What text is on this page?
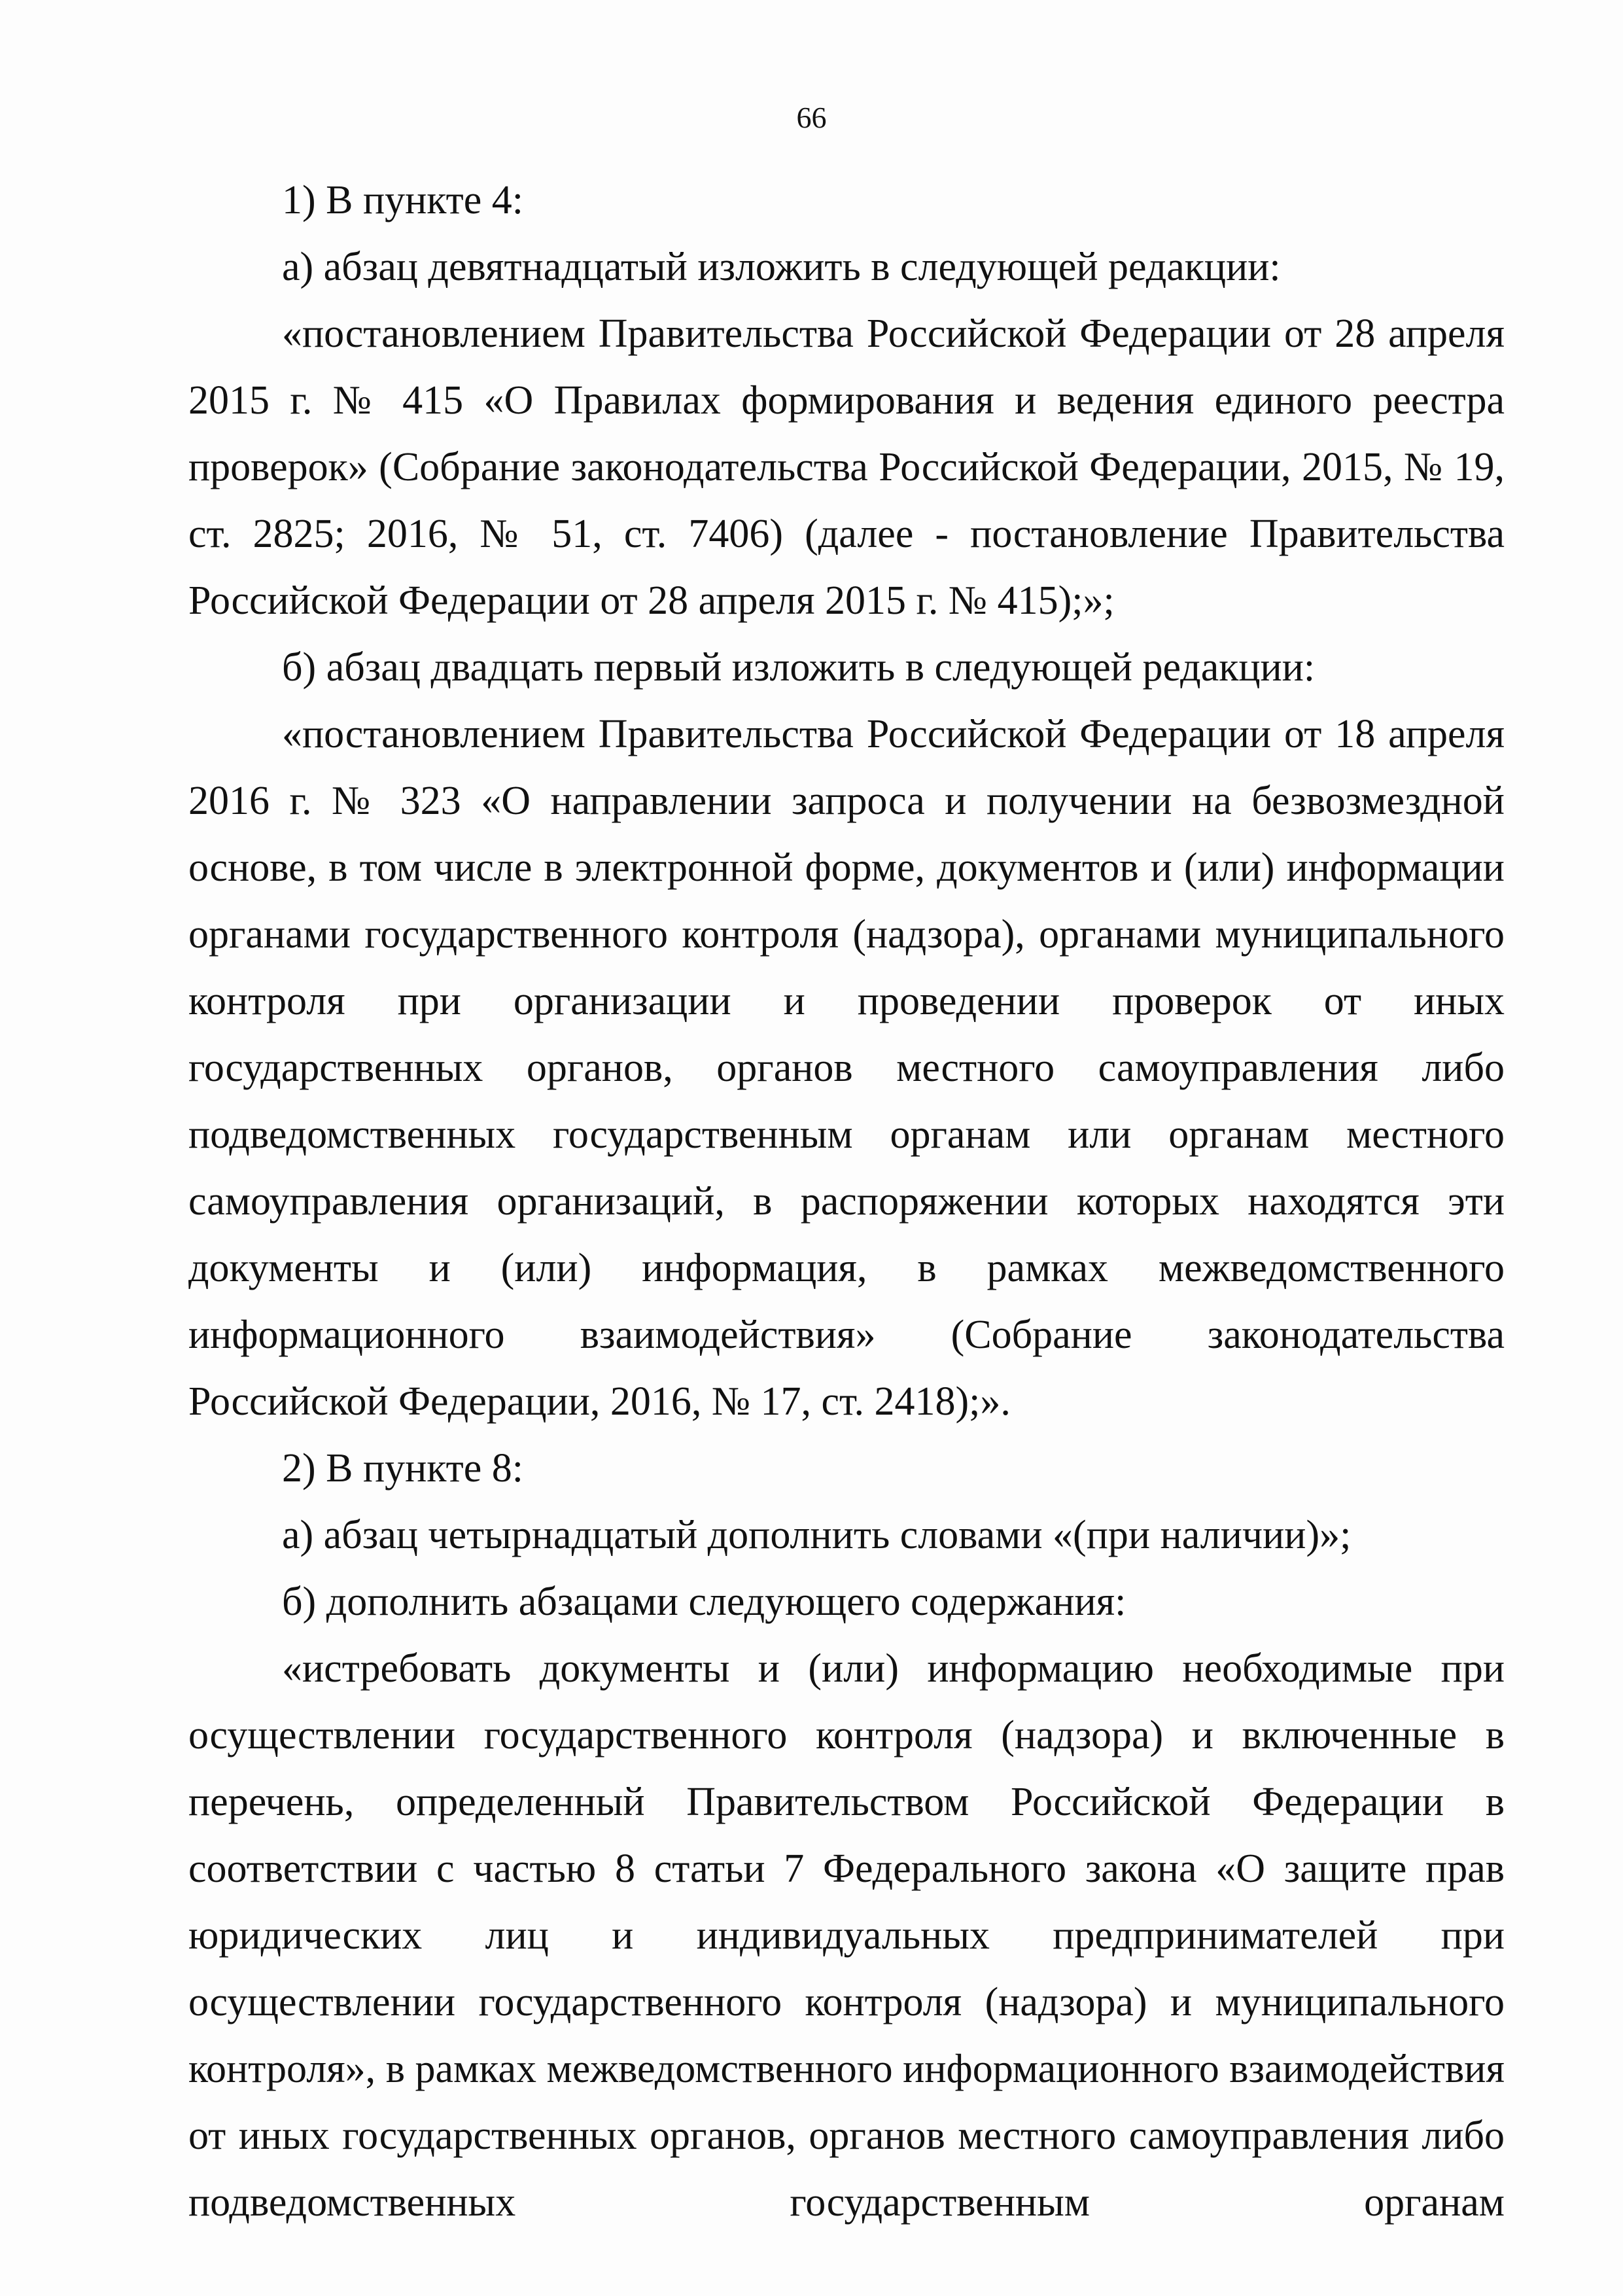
66

1) В пункте 4:

а) абзац девятнадцатый изложить в следующей редакции:

«постановлением Правительства Российской Федерации от 28 апреля 2015 г. № 415 «О Правилах формирования и ведения единого реестра проверок» (Собрание законодательства Российской Федерации, 2015, № 19, ст. 2825; 2016, № 51, ст. 7406) (далее - постановление Правительства Российской Федерации от 28 апреля 2015 г. № 415);»;

б) абзац двадцать первый изложить в следующей редакции:

«постановлением Правительства Российской Федерации от 18 апреля 2016 г. № 323 «О направлении запроса и получении на безвозмездной основе, в том числе в электронной форме, документов и (или) информации органами государственного контроля (надзора), органами муниципального контроля при организации и проведении проверок от иных государственных органов, органов местного самоуправления либо подведомственных государственным органам или органам местного самоуправления организаций, в распоряжении которых находятся эти документы и (или) информация, в рамках межведомственного информационного взаимодействия» (Собрание законодательства Российской Федерации, 2016, № 17, ст. 2418);».

2) В пункте 8:

а) абзац четырнадцатый дополнить словами «(при наличии)»;

б) дополнить абзацами следующего содержания:

«истребовать документы и (или) информацию необходимые при осуществлении государственного контроля (надзора) и включенные в перечень, определенный Правительством Российской Федерации в соответствии с частью 8 статьи 7 Федерального закона «О защите прав юридических лиц и индивидуальных предпринимателей при осуществлении государственного контроля (надзора) и муниципального контроля», в рамках межведомственного информационного взаимодействия от иных государственных органов, органов местного самоуправления либо подведомственных государственным органам
